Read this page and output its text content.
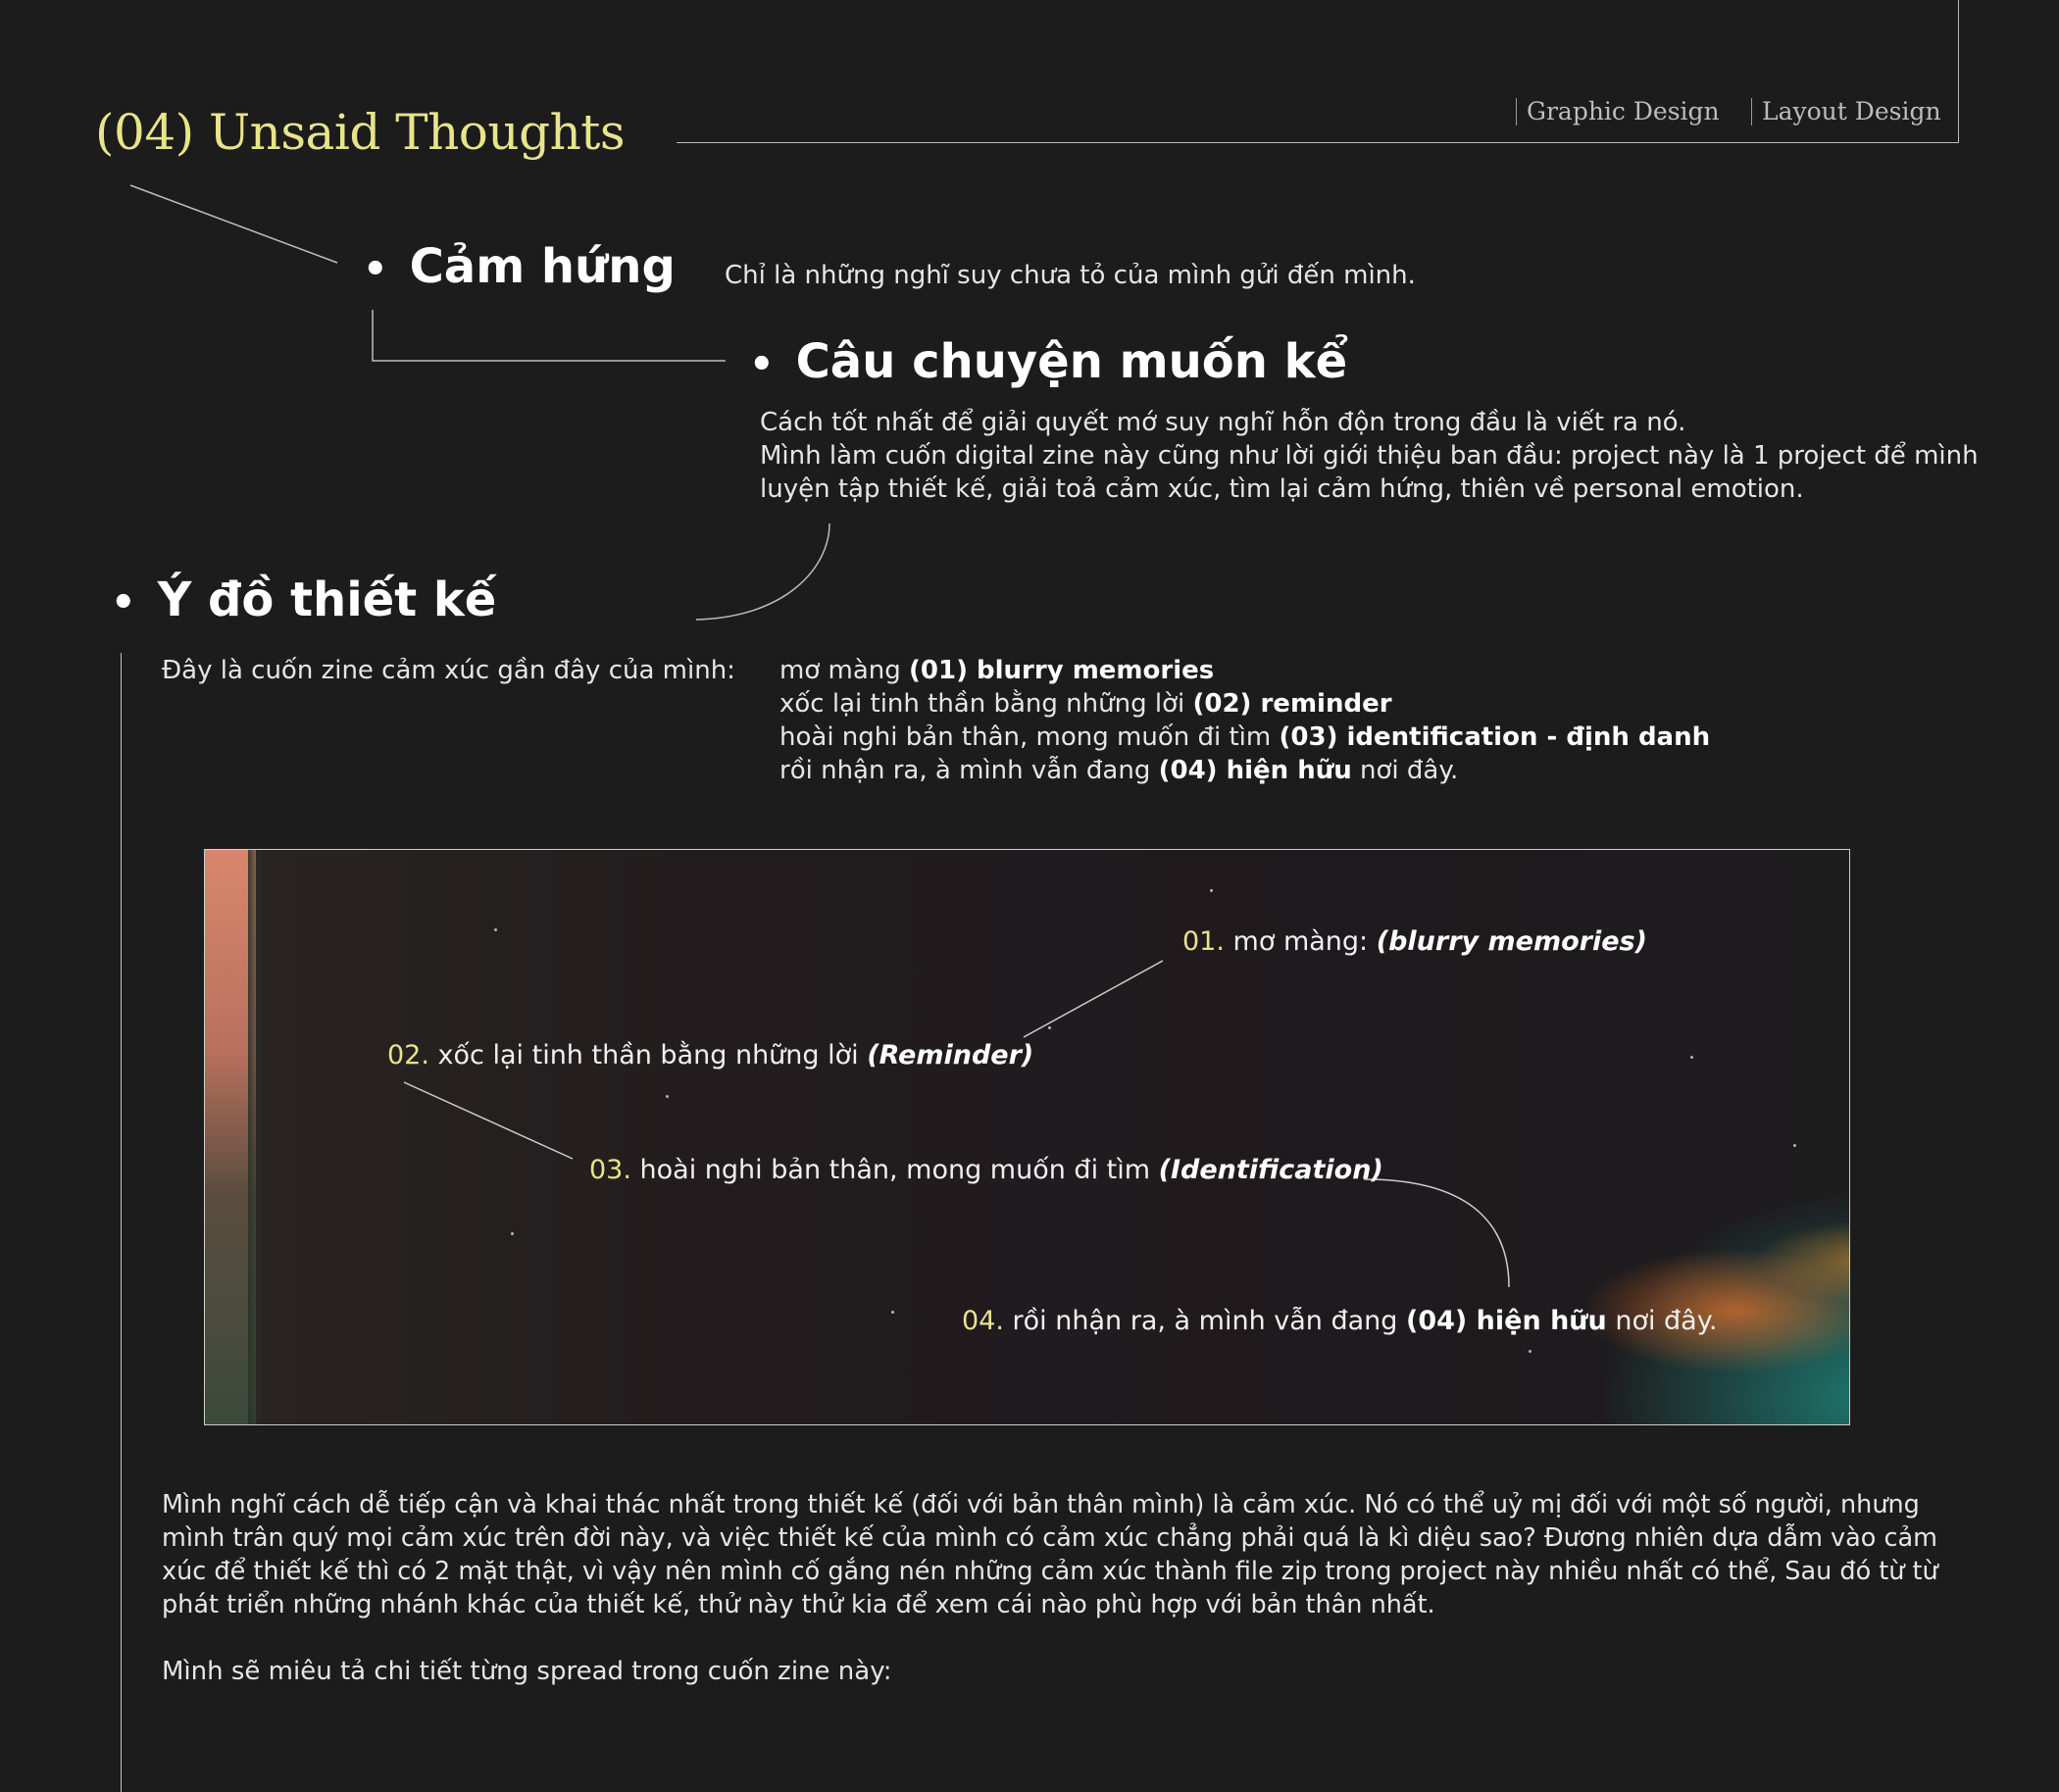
(04) Unsaid Thoughts	Graphic Design	Layout Design
• Cảm hứng Chỉ là những nghĩ suy chưa tỏ của mình gửi đến mình.
• Câu chuyện muốn kể
Cách tốt nhất để giải quyết mớ suy nghĩ hỗn độn trong đầu là viết ra nó.
Mình làm cuốn digital zine này cũng như lời giới thiệu ban đầu: project này là 1 project để mình
luyện tập thiết kế, giải toả cảm xúc, tìm lại cảm hứng, thiên về personal emotion.
• Ý đồ thiết kế
Đây là cuốn zine cảm xúc gần đây của mình: mơ màng (01) blurry memories
xốc lại tinh thần bằng những lời (02) reminder
hoài nghi bản thân, mong muốn đi tìm (03) identification - định danh
rồi nhận ra, à mình vẫn đang (04) hiện hữu nơi đây.
01. mơ màng: (blurry memories)
02. xốc lại tinh thần bằng những lời (Reminder)
03. hoài nghi bản thân, mong muốn đi tìm (Identification)
04. rồi nhận ra, à mình vẫn đang (04) hiện hữu nơi đây.
Mình nghĩ cách dễ tiếp cận và khai thác nhất trong thiết kế (đối với bản thân mình) là cảm xúc. Nó có thể uỷ mị đối với một số người, nhưng
mình trân quý mọi cảm xúc trên đời này, và việc thiết kế của mình có cảm xúc chẳng phải quá là kì diệu sao? Đương nhiên dựa dẫm vào cảm
xúc để thiết kế thì có 2 mặt thật, vì vậy nên mình cố gắng nén những cảm xúc thành file zip trong project này nhiều nhất có thể, Sau đó từ từ
phát triển những nhánh khác của thiết kế, thử này thử kia để xem cái nào phù hợp với bản thân nhất.
Mình sẽ miêu tả chi tiết từng spread trong cuốn zine này:
